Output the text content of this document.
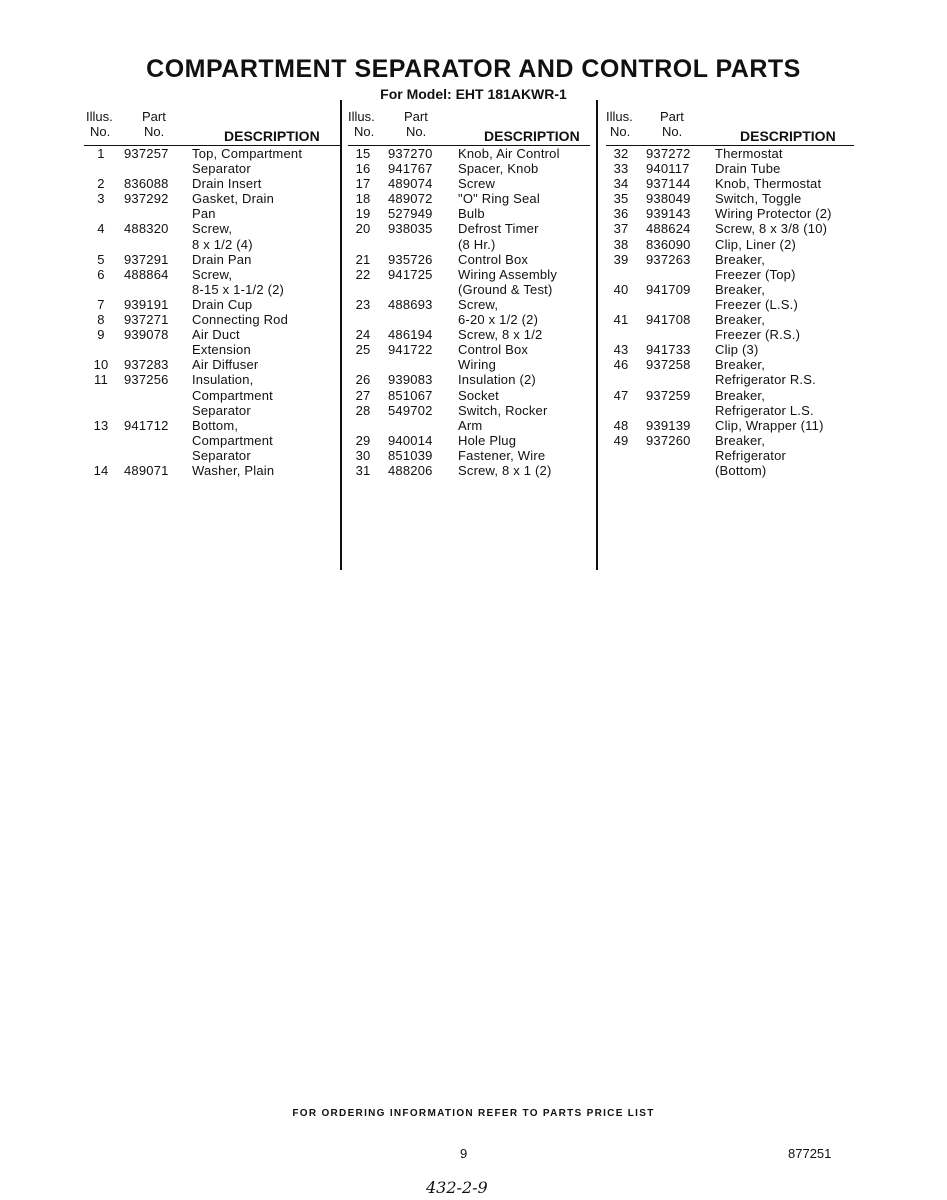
COMPARTMENT SEPARATOR AND CONTROL PARTS
For Model: EHT 181AKWR-1
Illus.
No.
Part
No.	DESCRIPTION
1	937257	Top, Compartment
Separator
2	836088	Drain Insert
3	937292	Gasket, Drain
Pan
4	488320	Screw,
8 x 1/2 (4)
5	937291	Drain Pan
6	488864	Screw,
8-15 x 1-1/2 (2)
7	939191	Drain Cup
8	937271	Connecting Rod
9	939078	Air Duct
Extension
10	937283	Air Diffuser
11	937256	Insulation,
Compartment
Separator
13	941712	Bottom,
Compartment
Separator
14	489071	Washer, Plain
Illus.
No.
Part
No.	DESCRIPTION
15	937270	Knob, Air Control
16	941767	Spacer, Knob
17	489074	Screw
18	489072	"O" Ring Seal
19	527949	Bulb
20	938035	Defrost Timer
(8 Hr.)
21	935726	Control Box
22	941725	Wiring Assembly
(Ground & Test)
23	488693	Screw,
6-20 x 1/2 (2)
24	486194	Screw, 8 x 1/2
25	941722	Control Box
Wiring
26	939083	Insulation (2)
27	851067	Socket
28	549702	Switch, Rocker
Arm
29	940014	Hole Plug
30	851039	Fastener, Wire
31	488206	Screw, 8 x 1 (2)
Illus.
No.
Part
No.	DESCRIPTION
32	937272	Thermostat
33	940117	Drain Tube
34	937144	Knob, Thermostat
35	938049	Switch, Toggle
36	939143	Wiring Protector (2)
37	488624	Screw, 8 x 3/8 (10)
38	836090	Clip, Liner (2)
39	937263	Breaker,
Freezer (Top)
40	941709	Breaker,
Freezer (L.S.)
41	941708	Breaker,
Freezer (R.S.)
43	941733	Clip (3)
46	937258	Breaker,
Refrigerator R.S.
47	937259	Breaker,
Refrigerator L.S.
48	939139	Clip, Wrapper (11)
49	937260	Breaker,
Refrigerator
(Bottom)
FOR ORDERING INFORMATION REFER TO PARTS PRICE LIST
9	877251
432-2-9
